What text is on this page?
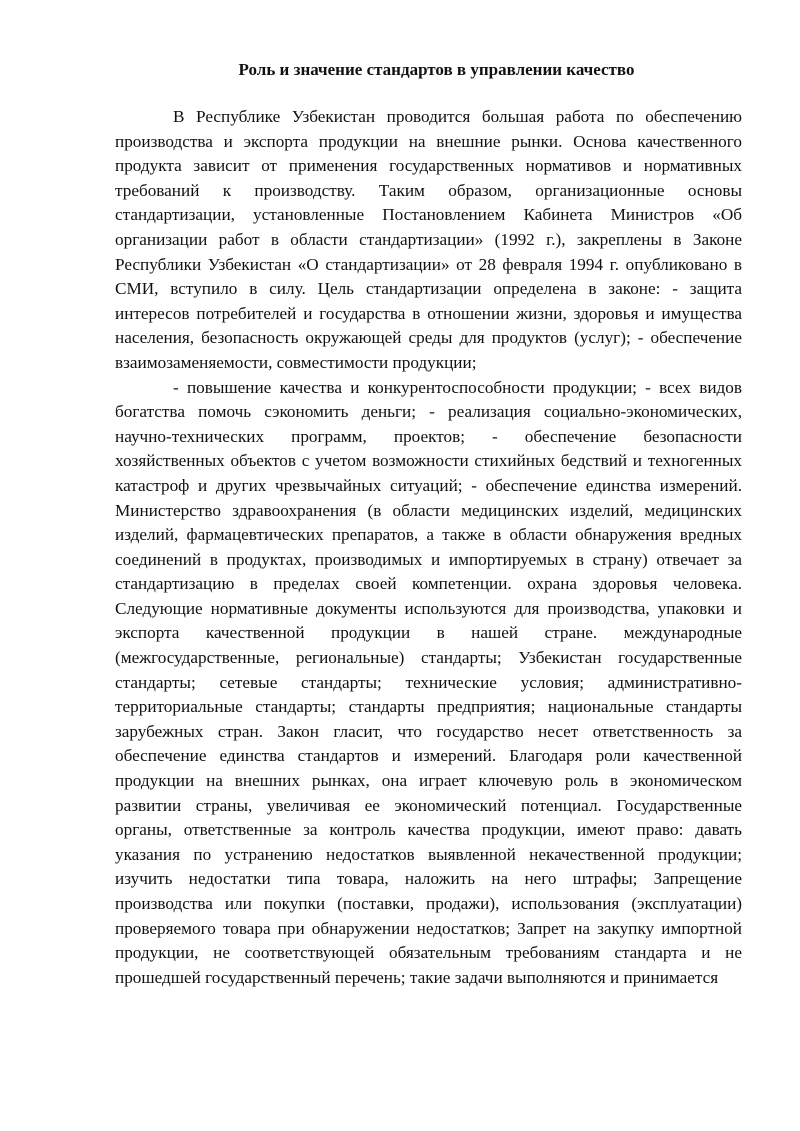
Роль и значение стандартов в управлении качество

В Республике Узбекистан проводится большая работа по обеспечению производства и экспорта продукции на внешние рынки. Основа качественного продукта зависит от применения государственных нормативов и нормативных требований к производству. Таким образом, организационные основы стандартизации, установленные Постановлением Кабинета Министров «Об организации работ в области стандартизации» (1992 г.), закреплены в Законе Республики Узбекистан «О стандартизации» от 28 февраля 1994 г. опубликовано в СМИ, вступило в силу. Цель стандартизации определена в законе: - защита интересов потребителей и государства в отношении жизни, здоровья и имущества населения, безопасность окружающей среды для продуктов (услуг); - обеспечение взаимозаменяемости, совместимости продукции;

- повышение качества и конкурентоспособности продукции; - всех видов богатства помочь сэкономить деньги; - реализация социально-экономических, научно-технических программ, проектов; - обеспечение безопасности хозяйственных объектов с учетом возможности стихийных бедствий и техногенных катастроф и других чрезвычайных ситуаций; - обеспечение единства измерений. Министерство здравоохранения (в области медицинских изделий, медицинских изделий, фармацевтических препаратов, а также в области обнаружения вредных соединений в продуктах, производимых и импортируемых в страну) отвечает за стандартизацию в пределах своей компетенции. охрана здоровья человека. Следующие нормативные документы используются для производства, упаковки и экспорта качественной продукции в нашей стране. международные (межгосударственные, региональные) стандарты; Узбекистан государственные стандарты; сетевые стандарты; технические условия; административно-территориальные стандарты; стандарты предприятия; национальные стандарты зарубежных стран. Закон гласит, что государство несет ответственность за обеспечение единства стандартов и измерений. Благодаря роли качественной продукции на внешних рынках, она играет ключевую роль в экономическом развитии страны, увеличивая ее экономический потенциал. Государственные органы, ответственные за контроль качества продукции, имеют право: давать указания по устранению недостатков выявленной некачественной продукции; изучить недостатки типа товара, наложить на него штрафы; Запрещение производства или покупки (поставки, продажи), использования (эксплуатации) проверяемого товара при обнаружении недостатков; Запрет на закупку импортной продукции, не соответствующей обязательным требованиям стандарта и не прошедшей государственный перечень; такие задачи выполняются и принимается
